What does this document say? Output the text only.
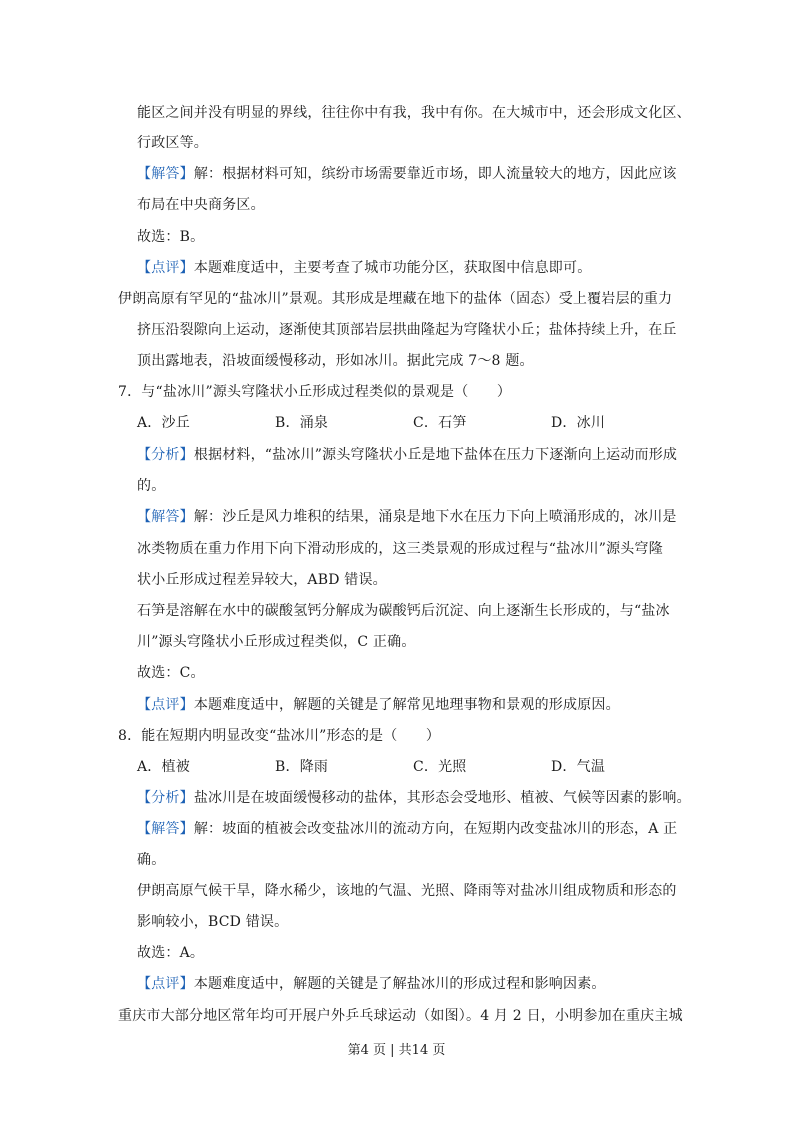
能区之间并没有明显的界线，往往你中有我，我中有你。在大城市中，还会形成文化区、
行政区等。
【解答】解：根据材料可知，缤纷市场需要靠近市场，即人流量较大的地方，因此应该
布局在中央商务区。
故选：B。
【点评】本题难度适中，主要考查了城市功能分区，获取图中信息即可。
伊朗高原有罕见的“盐冰川”景观。其形成是埋藏在地下的盐体（固态）受上覆岩层的重力
挤压沿裂隙向上运动，逐渐使其顶部岩层拱曲隆起为穹隆状小丘；盐体持续上升，在丘
顶出露地表，沿坡面缓慢移动，形如冰川。据此完成 7～8 题。
7．与“盐冰川”源头穹隆状小丘形成过程类似的景观是（　　）
A．沙丘	B．涌泉	C．石笋	D．冰川
【分析】根据材料，“盐冰川”源头穹隆状小丘是地下盐体在压力下逐渐向上运动而形成
的。
【解答】解：沙丘是风力堆积的结果，涌泉是地下水在压力下向上喷涌形成的，冰川是
冰类物质在重力作用下向下滑动形成的，这三类景观的形成过程与“盐冰川”源头穹隆
状小丘形成过程差异较大，ABD 错误。
石笋是溶解在水中的碳酸氢钙分解成为碳酸钙后沉淀、向上逐渐生长形成的，与“盐冰
川”源头穹隆状小丘形成过程类似，C 正确。
故选：C。
【点评】本题难度适中，解题的关键是了解常见地理事物和景观的形成原因。
8．能在短期内明显改变“盐冰川”形态的是（　　）
A．植被	B．降雨	C．光照	D．气温
【分析】盐冰川是在坡面缓慢移动的盐体，其形态会受地形、植被、气候等因素的影响。
【解答】解：坡面的植被会改变盐冰川的流动方向，在短期内改变盐冰川的形态，A 正
确。
伊朗高原气候干旱，降水稀少，该地的气温、光照、降雨等对盐冰川组成物质和形态的
影响较小，BCD 错误。
故选：A。
【点评】本题难度适中，解题的关键是了解盐冰川的形成过程和影响因素。
重庆市大部分地区常年均可开展户外乒乓球运动（如图）。4 月 2 日，小明参加在重庆主城
第4 页 | 共14 页
